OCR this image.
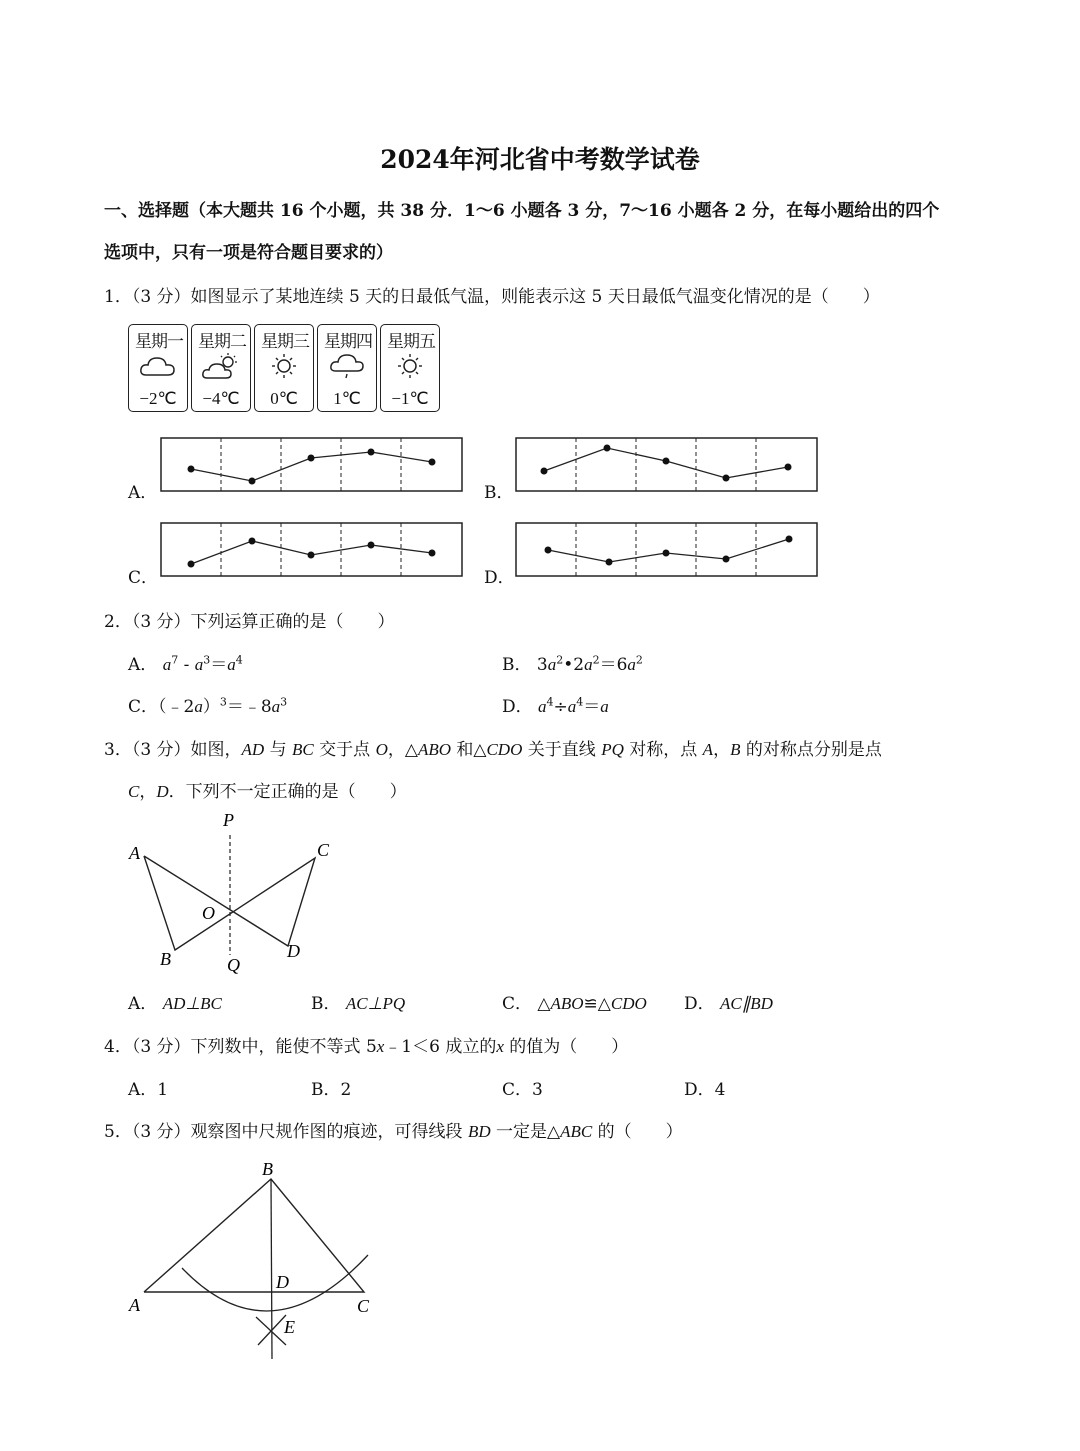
2024年河北省中考数学试卷
一、选择题（本大题共 16 个小题，共 38 分．1～6 小题各 3 分，7～16 小题各 2 分，在每小题给出的四个
选项中，只有一项是符合题目要求的）
1．（3 分）如图显示了某地连续 5 天的日最低气温，则能表示这 5 天日最低气温变化情况的是（　　）
星期一
−2℃
星期二
−4℃
星期三
0℃
星期四
1℃
星期五
−1℃
A．	B．
C．	D．
2．（3 分）下列运算正确的是（　　）
A． $a^7 - a^3=a^4$	B． $3a^2•2a^2=6a^2$
C．$(﹣2a)^3=﹣8a^3$	D． $a^4\div a^4=a$
3．（3 分）如图，AD 与 BC 交于点 O，△ABO 和△CDO 关于直线 PQ 对称，点 A，B 的对称点分别是点
C，D．下列不一定正确的是（　　）
P
A	C
O
B	Q
D
A． AD⊥BC	B． AC⊥PQ	C． △ABO≌△CDO D． AC∥BD
4．（3 分）下列数中，能使不等式 5x﹣1＜6 成立的x 的值为（　　）
A．1	B．2	C．3	D．4
5．（3 分）观察图中尺规作图的痕迹，可得线段 BD 一定是△ABC 的（　　）
B
D
A	C
E
